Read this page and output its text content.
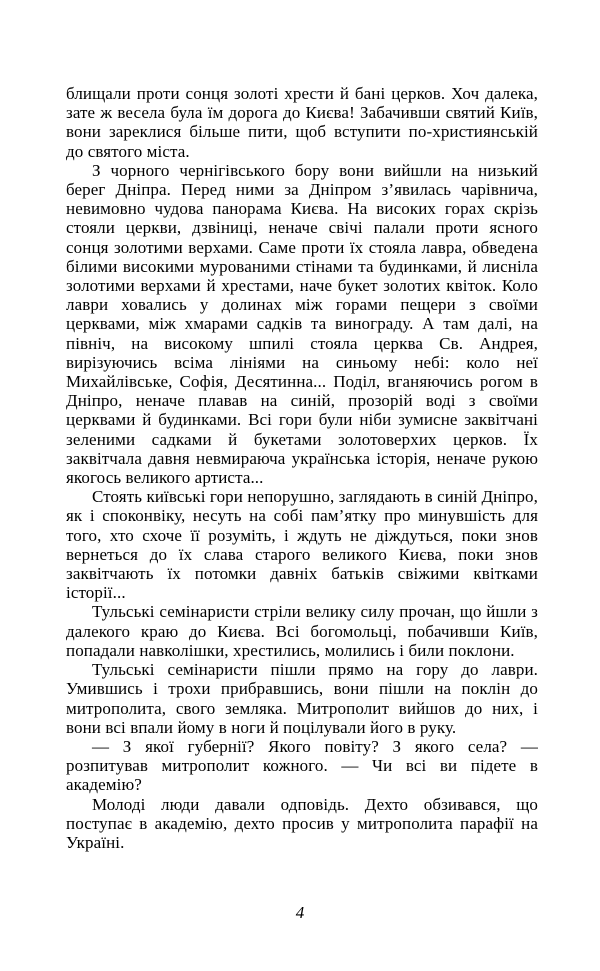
блищали проти сонця золоті хрести й бані церков. Хоч далека, зате ж весела була їм дорога до Києва! Забачивши святий Київ, вони зареклися більше пити, щоб вступити по-християнській до святого міста.

З чорного чернігівського бору вони вийшли на низький берег Дніпра. Перед ними за Дніпром з’явилась чарівнича, невимовно чудова панорама Києва. На високих горах скрізь стояли церкви, дзвіниці, неначе свічі палали проти ясного сонця золотими верхами. Саме проти їх стояла лавра, обведена білими високими мурованими стінами та будинками, й лисніла золотими верхами й хрестами, наче букет золотих квіток. Коло лаври ховались у долинах між горами пещери з своїми церквами, між хмарами садків та винограду. А там далі, на північ, на високому шпилі стояла церква Св. Андрея, вирізуючись всіма лініями на синьому небі: коло неї Михайлівське, Софія, Десятинна... Поділ, вганяючись рогом в Дніпро, неначе плавав на синій, прозорій воді з своїми церквами й будинками. Всі гори були ніби зумисне заквітчані зеленими садками й букетами золотоверхих церков. Їх заквітчала давня невмираюча українська історія, неначе рукою якогось великого артиста...

Стоять київські гори непорушно, заглядають в синій Дніпро, як і споконвіку, несуть на собі пам’ятку про минувшість для того, хто схоче її розуміть, і ждуть не діждуться, поки знов вернеться до їх слава старого великого Києва, поки знов заквітчають їх потомки давніх батьків свіжими квітками історії...

Тульські семінаристи стріли велику силу прочан, що йшли з далекого краю до Києва. Всі богомольці, побачивши Київ, попадали навколішки, хрестились, молились і били поклони.

Тульські семінаристи пішли прямо на гору до лаври. Умившись і трохи прибравшись, вони пішли на поклін до митрополита, свого земляка. Митрополит вийшов до них, і вони всі впали йому в ноги й поцілували його в руку.

— З якої губернії? Якого повіту? З якого села? — розпитував митрополит кожного. — Чи всі ви підете в академію?

Молоді люди давали одповідь. Дехто обзивався, що поступає в академію, дехто просив у митрополита парафії на Україні.

4
